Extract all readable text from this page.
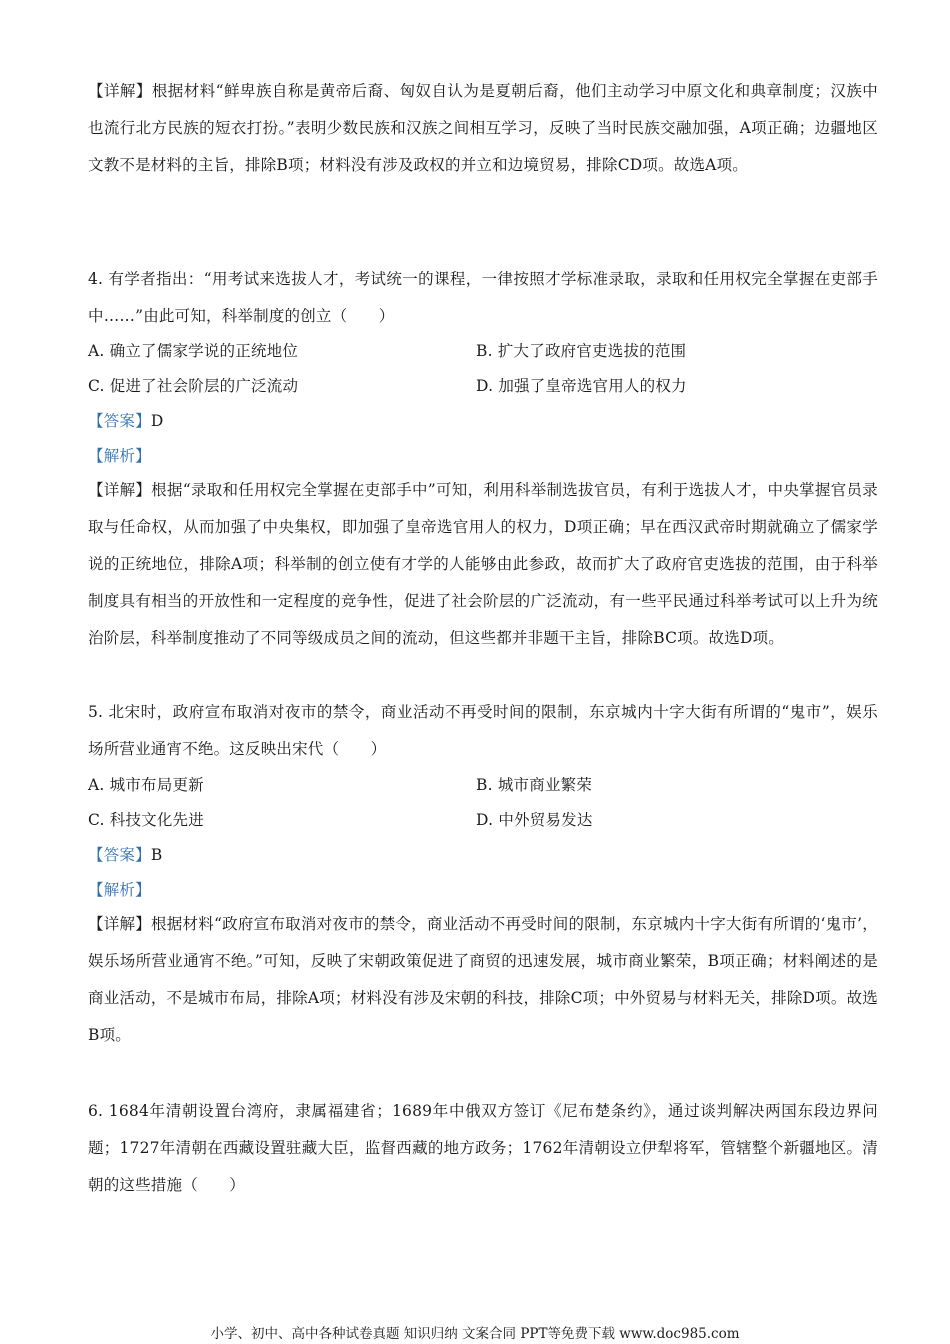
【详解】根据材料“鲜卑族自称是黄帝后裔、匈奴自认为是夏朝后裔，他们主动学习中原文化和典章制度；汉族中也流行北方民族的短衣打扮。”表明少数民族和汉族之间相互学习，反映了当时民族交融加强，A项正确；边疆地区文教不是材料的主旨，排除B项；材料没有涉及政权的并立和边境贸易，排除CD项。故选A项。
4. 有学者指出：“用考试来选拔人才，考试统一的课程，一律按照才学标准录取，录取和任用权完全掌握在吏部手中……”由此可知，科举制度的创立（　　）
A. 确立了儒家学说的正统地位	B. 扩大了政府官吏选拔的范围
C. 促进了社会阶层的广泛流动	D. 加强了皇帝选官用人的权力
【答案】D
【解析】
【详解】根据“录取和任用权完全掌握在吏部手中”可知，利用科举制选拔官员，有利于选拔人才，中央掌握官员录取与任命权，从而加强了中央集权，即加强了皇帝选官用人的权力，D项正确；早在西汉武帝时期就确立了儒家学说的正统地位，排除A项；科举制的创立使有才学的人能够由此参政，故而扩大了政府官吏选拔的范围，由于科举制度具有相当的开放性和一定程度的竞争性，促进了社会阶层的广泛流动，有一些平民通过科举考试可以上升为统治阶层，科举制度推动了不同等级成员之间的流动，但这些都并非题干主旨，排除BC项。故选D项。
5. 北宋时，政府宣布取消对夜市的禁令，商业活动不再受时间的限制，东京城内十字大街有所谓的“鬼市”，娱乐场所营业通宵不绝。这反映出宋代（　　）
A. 城市布局更新	B. 城市商业繁荣
C. 科技文化先进	D. 中外贸易发达
【答案】B
【解析】
【详解】根据材料“政府宣布取消对夜市的禁令，商业活动不再受时间的限制，东京城内十字大街有所谓的‘鬼市’，娱乐场所营业通宵不绝。”可知，反映了宋朝政策促进了商贸的迅速发展，城市商业繁荣，B项正确；材料阐述的是商业活动，不是城市布局，排除A项；材料没有涉及宋朝的科技，排除C项；中外贸易与材料无关，排除D项。故选B项。
6. 1684年清朝设置台湾府，隶属福建省；1689年中俄双方签订《尼布楚条约》，通过谈判解决两国东段边界问题；1727年清朝在西藏设置驻藏大臣，监督西藏的地方政务；1762年清朝设立伊犁将军，管辖整个新疆地区。清朝的这些措施（　　）
小学、初中、高中各种试卷真题 知识归纳 文案合同 PPT等免费下载 www.doc985.com
